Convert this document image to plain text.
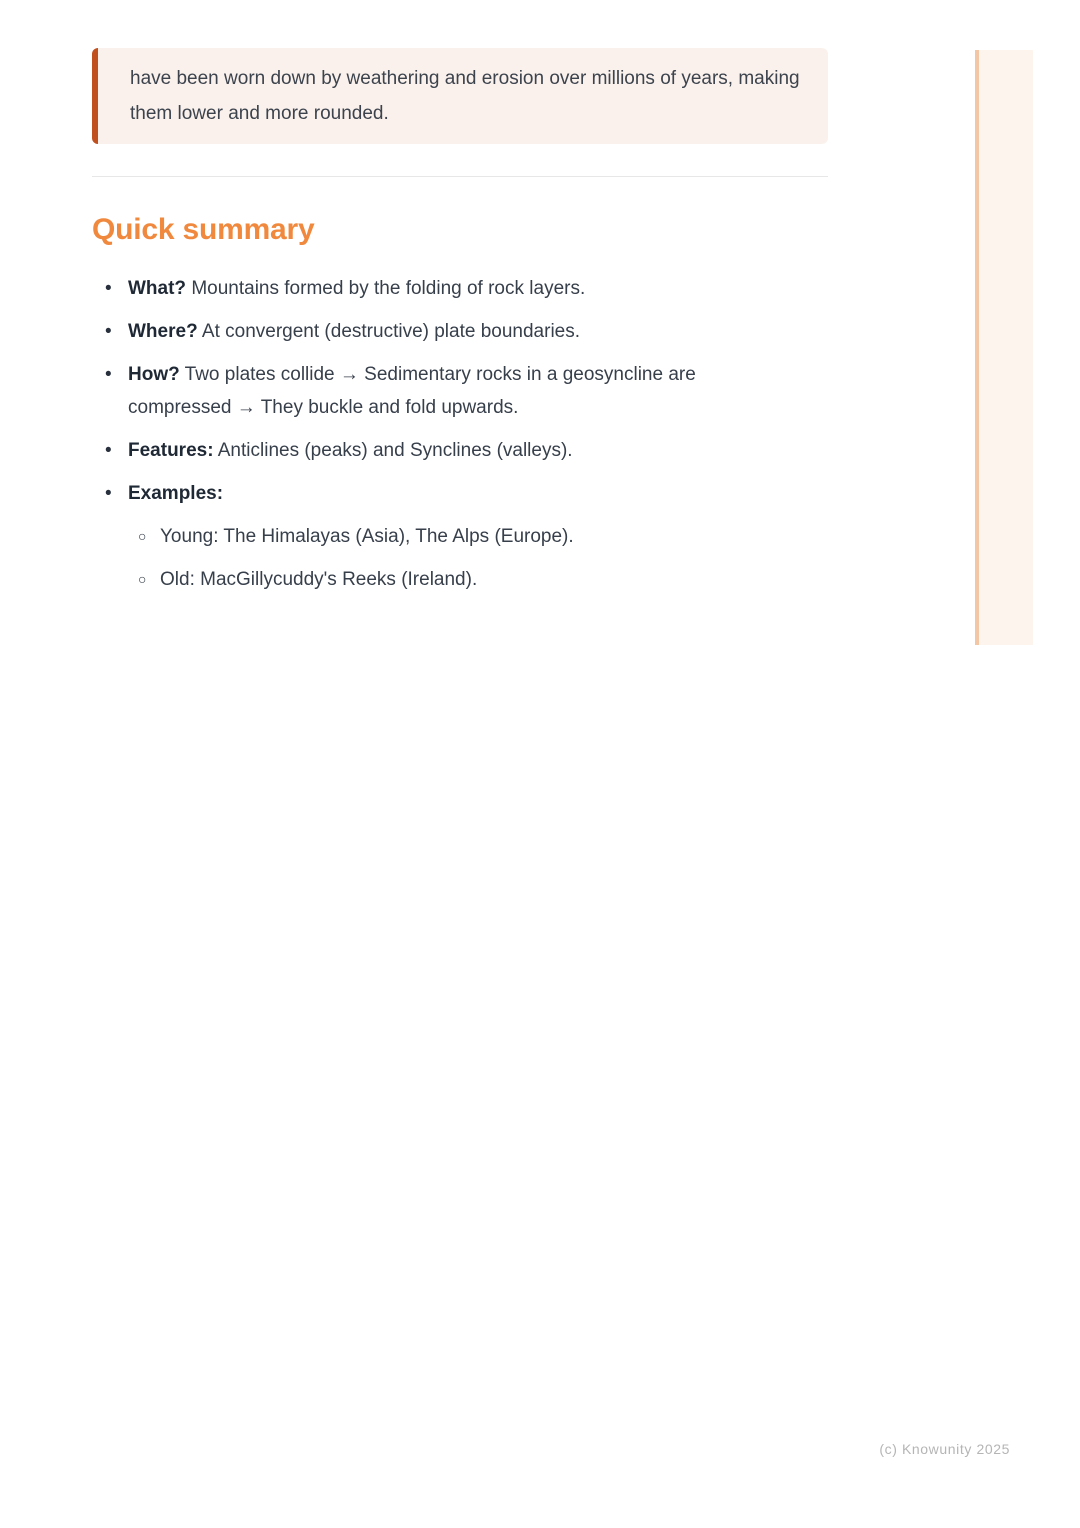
have been worn down by weathering and erosion over millions of years, making them lower and more rounded.

Quick summary
• What? Mountains formed by the folding of rock layers.

• Where? At convergent (destructive) plate boundaries.

• How? Two plates collide → Sedimentary rocks in a geosyncline are compressed → They buckle and fold upwards.

• Features: Anticlines (peaks) and Synclines (valleys).

• Examples:

○ Young: The Himalayas (Asia), The Alps (Europe).

○ Old: MacGillycuddy's Reeks (Ireland).

(c) Knowunity 2025
